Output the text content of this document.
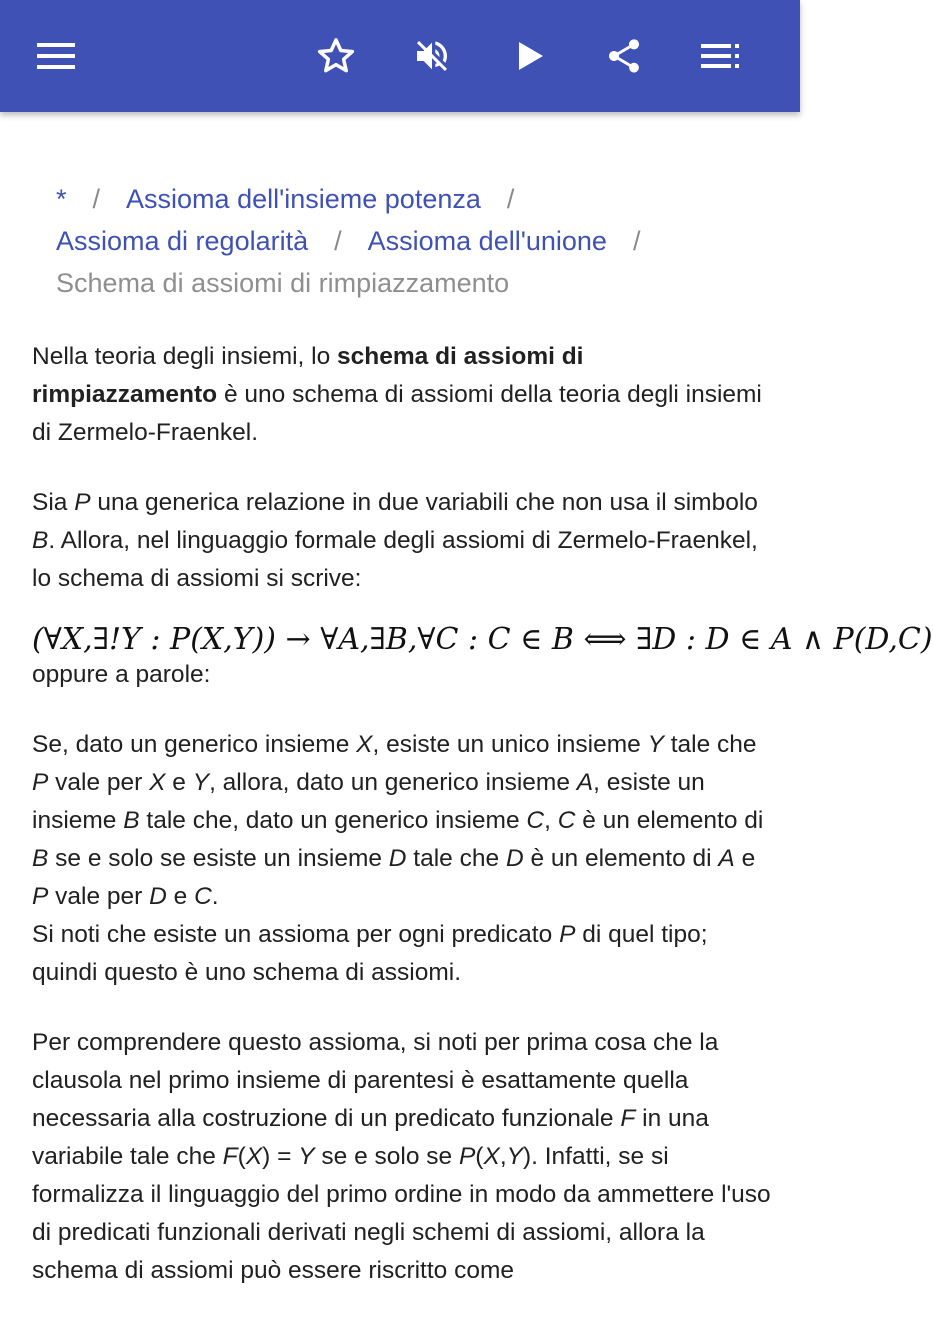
* / Assioma dell'insieme potenza /
Assioma di regolarità / Assioma dell'unione /
Schema di assiomi di rimpiazzamento

Nella teoria degli insiemi, lo schema di assiomi di rimpiazzamento è uno schema di assiomi della teoria degli insiemi di Zermelo-Fraenkel.

Sia P una generica relazione in due variabili che non usa il simbolo B. Allora, nel linguaggio formale degli assiomi di Zermelo-Fraenkel, lo schema di assiomi si scrive:

(∀X,∃!Y : P(X,Y)) → ∀A,∃B,∀C : C ∈ B ⟺ ∃D : D ∈ A ∧ P(D,C)

oppure a parole:

Se, dato un generico insieme X, esiste un unico insieme Y tale che P vale per X e Y, allora, dato un generico insieme A, esiste un insieme B tale che, dato un generico insieme C, C è un elemento di B se e solo se esiste un insieme D tale che D è un elemento di A e P vale per D e C.
Si noti che esiste un assioma per ogni predicato P di quel tipo; quindi questo è uno schema di assiomi.

Per comprendere questo assioma, si noti per prima cosa che la clausola nel primo insieme di parentesi è esattamente quella necessaria alla costruzione di un predicato funzionale F in una variabile tale che F(X) = Y se e solo se P(X,Y). Infatti, se si formalizza il linguaggio del primo ordine in modo da ammettere l'uso di predicati funzionali derivati negli schemi di assiomi, allora la schema di assiomi può essere riscritto come
